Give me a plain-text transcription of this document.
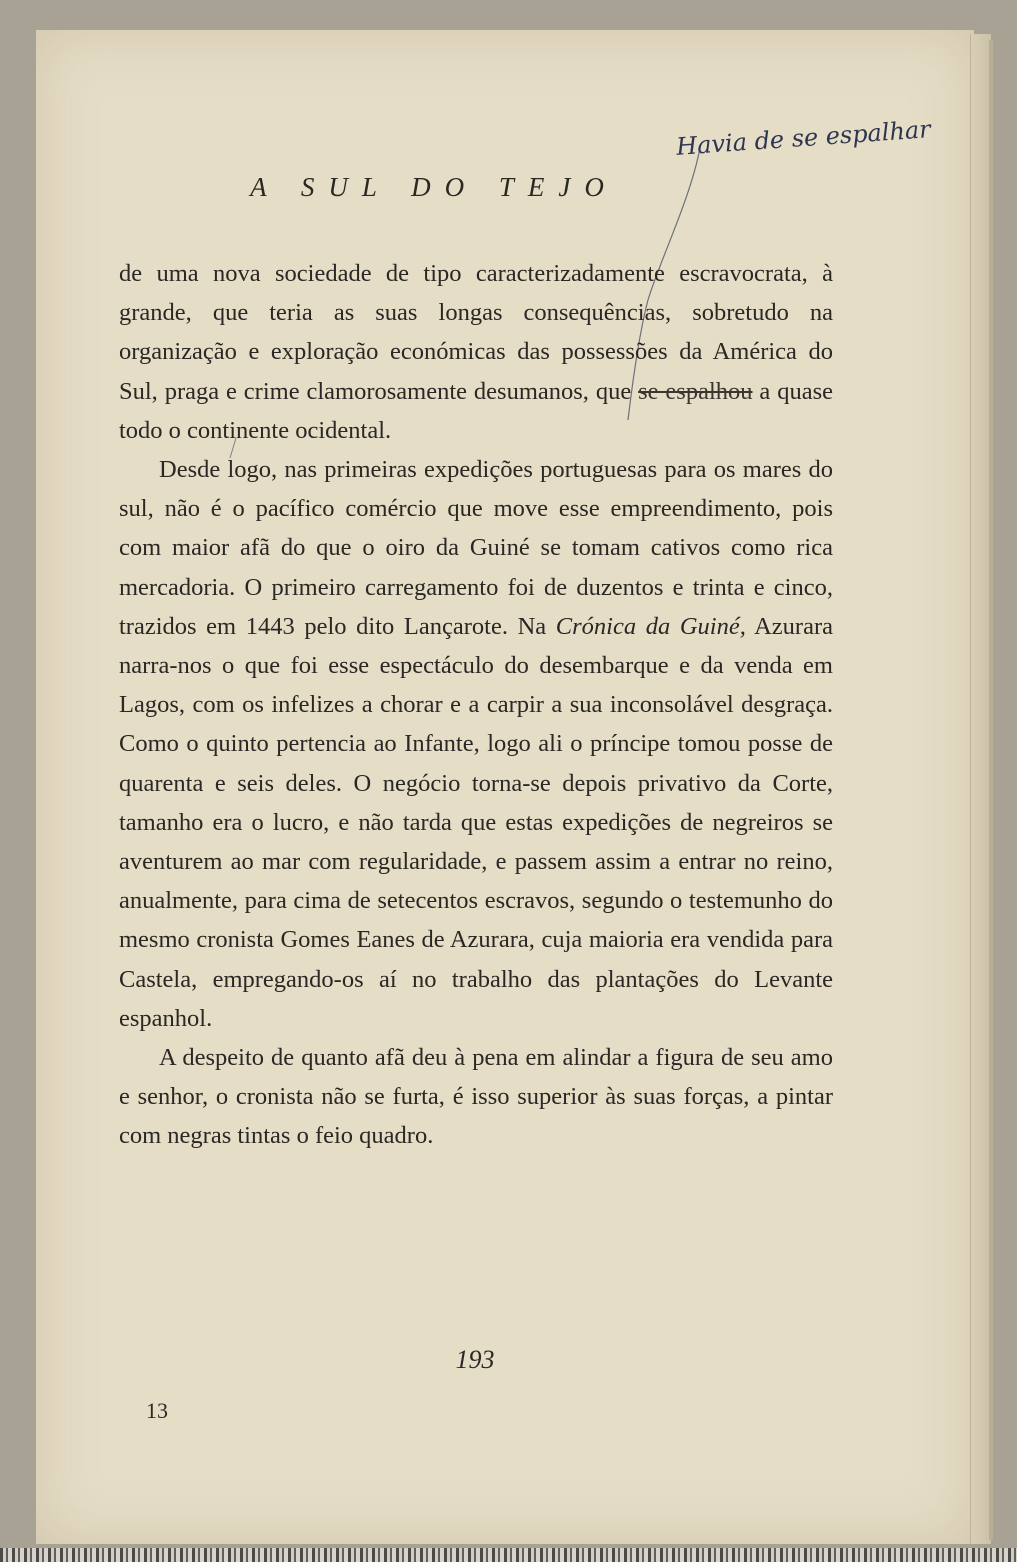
Havia de se espalhar
A SUL DO TEJO

de uma nova sociedade de tipo caracterizadamente escravocrata, à grande, que teria as suas longas consequências, sobretudo na organização e exploração económicas das possessões da América do Sul, praga e crime clamorosamente desumanos, que se espalhou a quase todo o continente ocidental.

Desde logo, nas primeiras expedições portuguesas para os mares do sul, não é o pacífico comércio que move esse empreendimento, pois com maior afã do que o oiro da Guiné se tomam cativos como rica mercadoria. O primeiro carregamento foi de duzentos e trinta e cinco, trazidos em 1443 pelo dito Lançarote. Na Crónica da Guiné, Azurara narra-nos o que foi esse espectáculo do desembarque e da venda em Lagos, com os infelizes a chorar e a carpir a sua inconsolável desgraça. Como o quinto pertencia ao Infante, logo ali o príncipe tomou posse de quarenta e seis deles. O negócio torna-se depois privativo da Corte, tamanho era o lucro, e não tarda que estas expedições de negreiros se aventurem ao mar com regularidade, e passem assim a entrar no reino, anualmente, para cima de setecentos escravos, segundo o testemunho do mesmo cronista Gomes Eanes de Azurara, cuja maioria era vendida para Castela, empregando-os aí no trabalho das plantações do Levante espanhol.

A despeito de quanto afã deu à pena em alindar a figura de seu amo e senhor, o cronista não se furta, é isso superior às suas forças, a pintar com negras tintas o feio quadro.

193
13
